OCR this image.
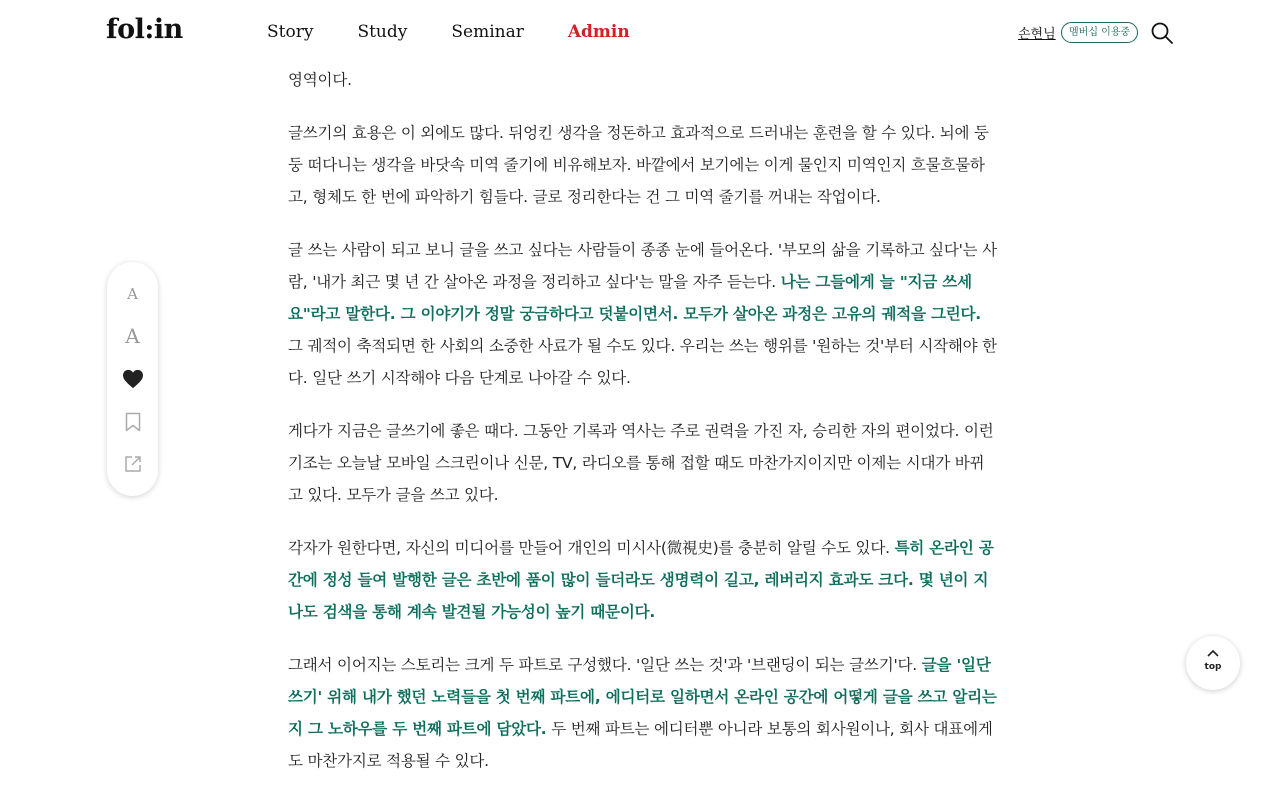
fol:in	Story	Study	Seminar	Admin	손현님	멤버십 이용중

영역이다.

글쓰기의 효용은 이 외에도 많다. 뒤엉킨 생각을 정돈하고 효과적으로 드러내는 훈련을 할 수 있다. 뇌에 둥둥 떠다니는 생각을 바닷속 미역 줄기에 비유해보자. 바깥에서 보기에는 이게 물인지 미역인지 흐물흐물하고, 형체도 한 번에 파악하기 힘들다. 글로 정리한다는 건 그 미역 줄기를 꺼내는 작업이다.

글 쓰는 사람이 되고 보니 글을 쓰고 싶다는 사람들이 종종 눈에 들어온다. '부모의 삶을 기록하고 싶다'는 사람, '내가 최근 몇 년 간 살아온 과정을 정리하고 싶다'는 말을 자주 듣는다. 나는 그들에게 늘 "지금 쓰세요"라고 말한다. 그 이야기가 정말 궁금하다고 덧붙이면서. 모두가 살아온 과정은 고유의 궤적을 그린다. 그 궤적이 축적되면 한 사회의 소중한 사료가 될 수도 있다. 우리는 쓰는 행위를 '원하는 것'부터 시작해야 한다. 일단 쓰기 시작해야 다음 단계로 나아갈 수 있다.

게다가 지금은 글쓰기에 좋은 때다. 그동안 기록과 역사는 주로 권력을 가진 자, 승리한 자의 편이었다. 이런 기조는 오늘날 모바일 스크린이나 신문, TV, 라디오를 통해 접할 때도 마찬가지이지만 이제는 시대가 바뀌고 있다. 모두가 글을 쓰고 있다.

각자가 원한다면, 자신의 미디어를 만들어 개인의 미시사(微視史)를 충분히 알릴 수도 있다. 특히 온라인 공간에 정성 들여 발행한 글은 초반에 품이 많이 들더라도 생명력이 길고, 레버리지 효과도 크다. 몇 년이 지나도 검색을 통해 계속 발견될 가능성이 높기 때문이다.

그래서 이어지는 스토리는 크게 두 파트로 구성했다. '일단 쓰는 것'과 '브랜딩이 되는 글쓰기'다. 글을 '일단 쓰기' 위해 내가 했던 노력들을 첫 번째 파트에, 에디터로 일하면서 온라인 공간에 어떻게 글을 쓰고 알리는지 그 노하우를 두 번째 파트에 담았다. 두 번째 파트는 에디터뿐 아니라 보통의 회사원이나, 회사 대표에게도 마찬가지로 적용될 수 있다.

A
A
top
